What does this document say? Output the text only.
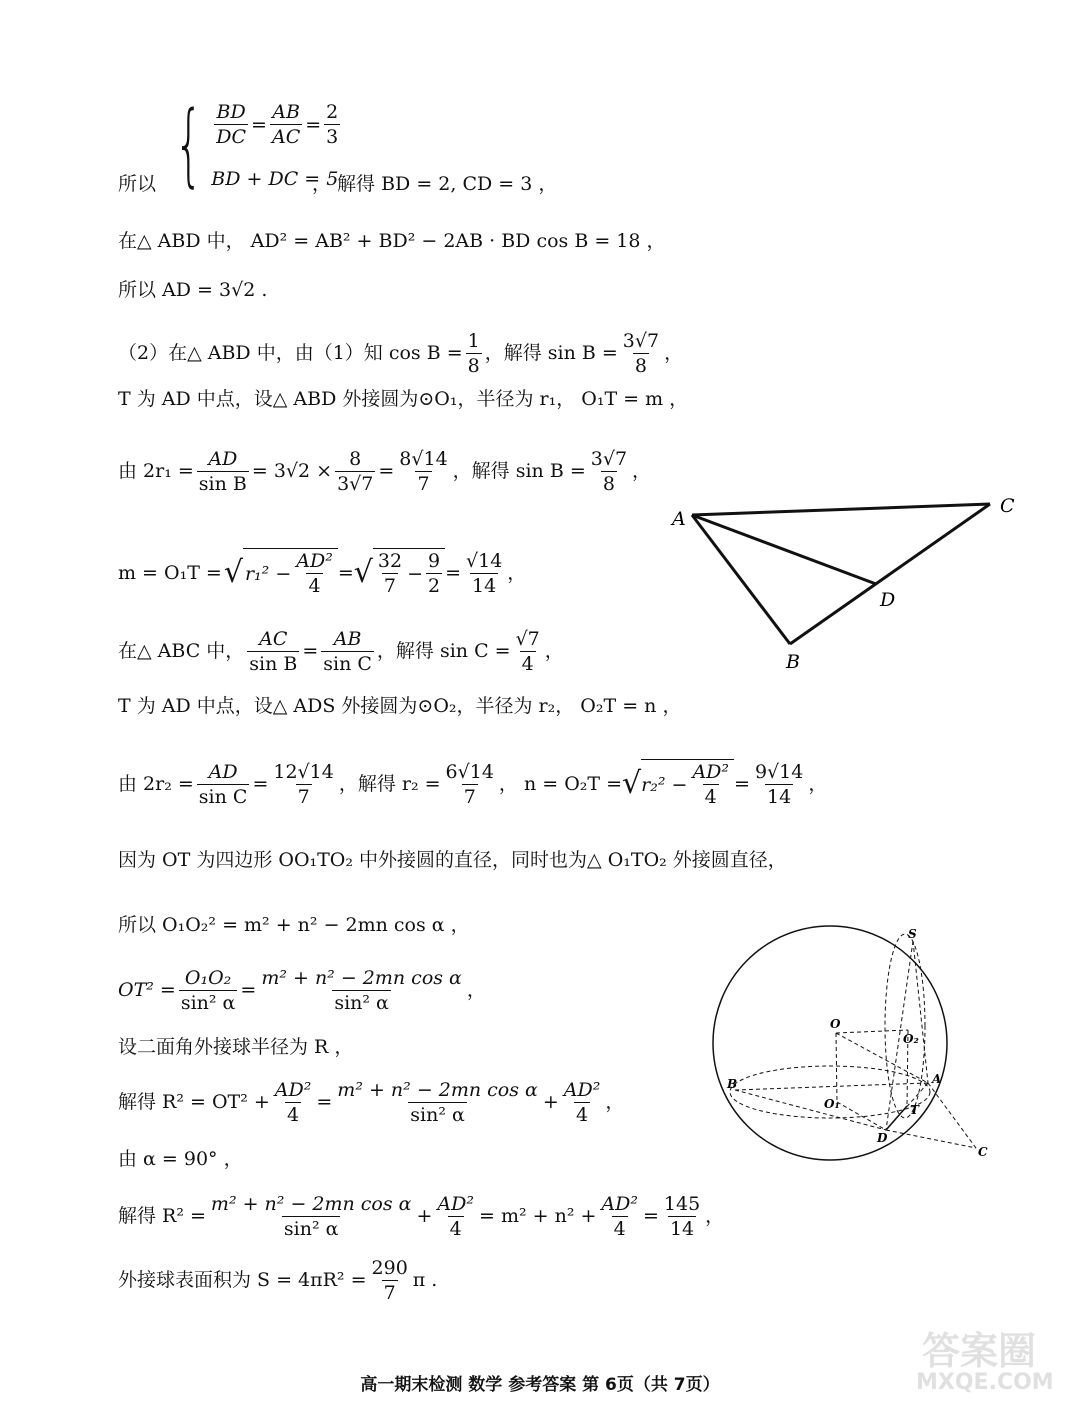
所以 { $\frac{BD}{DC} = \frac{AB}{AC} = \frac{2}{3}$
BD + DC = 5
， 解得 BD = 2, CD = 3 ，
在△ ABD 中， AD² = AB² + BD² − 2AB · BD cos B = 18 ，
所以 AD = 3√2 .
（2）在△ ABD 中，由（1）知 $\cos B = \frac{1}{8}$ ，解得 $\sin B = \frac{3√7}{8}$ ，
T 为 AD 中点，设△ ABD 外接圆为⊙O₁，半径为 r₁， O₁T = m ，
由 $2r_1 = \frac{AD}{\text{sin B}} = 3√2 \times \frac{8}{3√7} = \frac{8√14}{7}$ ，解得 $\sin B = \frac{3√7}{8}$ ，
m = O₁T = √ $r_1^2 - \frac{\text{AD²}}{4}$ = √ $\frac{32}{7} - \frac{9}{2} = \frac{√14}{14}$ ，
在△ ABC 中， $\frac{AC}{\text{sin B}} = \frac{AB}{\text{sin C}}$ ，解得 $\sin C = \frac{√7}{4}$ ，
T 为 AD 中点，设△ ADS 外接圆为⊙O₂，半径为 r₂， O₂T = n ，
由 $2r_2 = \frac{AD}{\text{sin C}} = \frac{12√14}{7}$ ，解得 $r_2 = \frac{6√14}{7}$ ， n = O₂T = √ $r_2^2 - \frac{\text{AD²}}{4} = \frac{9√14}{14}$ ，
因为 OT 为四边形 OO₁TO₂ 中外接圆的直径，同时也为△ O₁TO₂ 外接圆直径，
所以 O₁O₂² = m² + n² − 2mn cos α ，
$OT^2 = \frac{\text{O₁O₂}}{\text{sin² α}} = \frac{\text{m² + n² − 2mn cos α}}{\text{sin² α}}$ ，
设二面角外接球半径为 R ，
解得 $R^2 = OT^2 + \frac{\text{AD²}}{4} = \frac{\text{m² + n² − 2mn cos α}}{\text{sin² α}} + \frac{\text{AD²}}{4}$ ，
由 α = 90° ，
解得 $R^2 = \frac{\text{m² + n² − 2mn cos α}}{\text{sin² α}} + \frac{\text{AD²}}{4} = m^2 + n^2 + \frac{\text{AD²}}{4} = \frac{145}{14}$ ，
外接球表面积为 $S = 4\pi R^2 = \frac{290}{7}$ π .
A
C
D
B
S
O
O₂
B	A
O₁	T
D
C
高一期末检测 数学 参考答案 第 6页（共 7页）
答案圈
MXQE.COM
